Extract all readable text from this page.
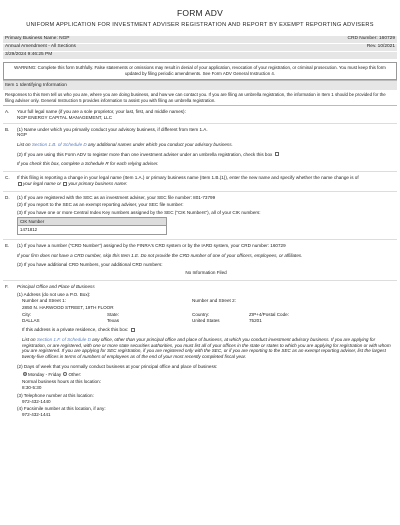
FORM ADV
UNIFORM APPLICATION FOR INVESTMENT ADVISER REGISTRATION AND REPORT BY EXEMPT REPORTING ADVISERS
Primary Business Name: NGP	CRD Number: 160729
Annual Amendment - All Sections	Rev. 10/2021
3/29/2024 9:46:25 PM
WARNING: Complete this form truthfully. False statements or omissions may result in denial of your application, revocation of your registration, or criminal prosecution. You must keep this form updated by filing periodic amendments. See Form ADV General Instruction 4.
Item 1 Identifying Information
Responses to this Item tell us who you are, where you are doing business, and how we can contact you. If you are filing an umbrella registration, the information in Item 1 should be provided for the filing adviser only. General Instruction 5 provides information to assist you with filing an umbrella registration.
A.	Your full legal name (if you are a sole proprietor, your last, first, and middle names):
NGP ENERGY CAPITAL MANAGEMENT, LLC
B.	(1) Name under which you primarily conduct your advisory business, if different from Item 1.A.
NGP
List on Section 1.B. of Schedule D any additional names under which you conduct your advisory business.
(2) If you are using this Form ADV to register more than one investment adviser under an umbrella registration, check this box
If you check this box, complete a Schedule R for each relying adviser.
C.	If this filing is reporting a change in your legal name (Item 1.A.) or primary business name (Item 1.B.(1)), enter the new name and specify whether the name change is of
your legal name or your primary business name:
D.	(1) If you are registered with the SEC as an investment adviser, your SEC file number: 801-73799
(2) If you report to the SEC as an exempt reporting adviser, your SEC file number:
(3) If you have one or more Central Index Key numbers assigned by the SEC ("CIK Numbers"), all of your CIK numbers:
CIK Number
1471812
E.	(1) If you have a number ("CRD Number") assigned by the FINRA's CRD system or by the IARD system, your CRD number: 160729
If your firm does not have a CRD number, skip this Item 1.E. Do not provide the CRD number of one of your officers, employees, or affiliates.
(2) If you have additional CRD Numbers, your additional CRD numbers:
No Information Filed
F.	Principal Office and Place of Business
(1) Address (do not use a P.O. Box):
Number and Street 1:	Number and Street 2:
2850 N. HARWOOD STREET, 19TH FLOOR
City:	State:	Country:	ZIP+4/Postal Code:
DALLAS	Texas	United States	75201
If this address is a private residence, check this box:
List on Section 1.F. of Schedule D any office, other than your principal office and place of business, at which you conduct investment advisory business. If you are applying for registration, or are registered, with one or more state securities authorities, you must list all of your offices in the state or states to which you are applying for registration or with whom you are registered. If you are applying for SEC registration, if you are registered only with the SEC, or if you are reporting to the SEC as an exempt reporting adviser, list the largest twenty-five offices in terms of numbers of employees as of the end of your most recently completed fiscal year.
(2) Days of week that you normally conduct business at your principal office and place of business:
Monday - Friday Other:
Normal business hours at this location:
8:30-5:30
(3) Telephone number at this location:
972-432-1440
(4) Facsimile number at this location, if any:
972-432-1441
